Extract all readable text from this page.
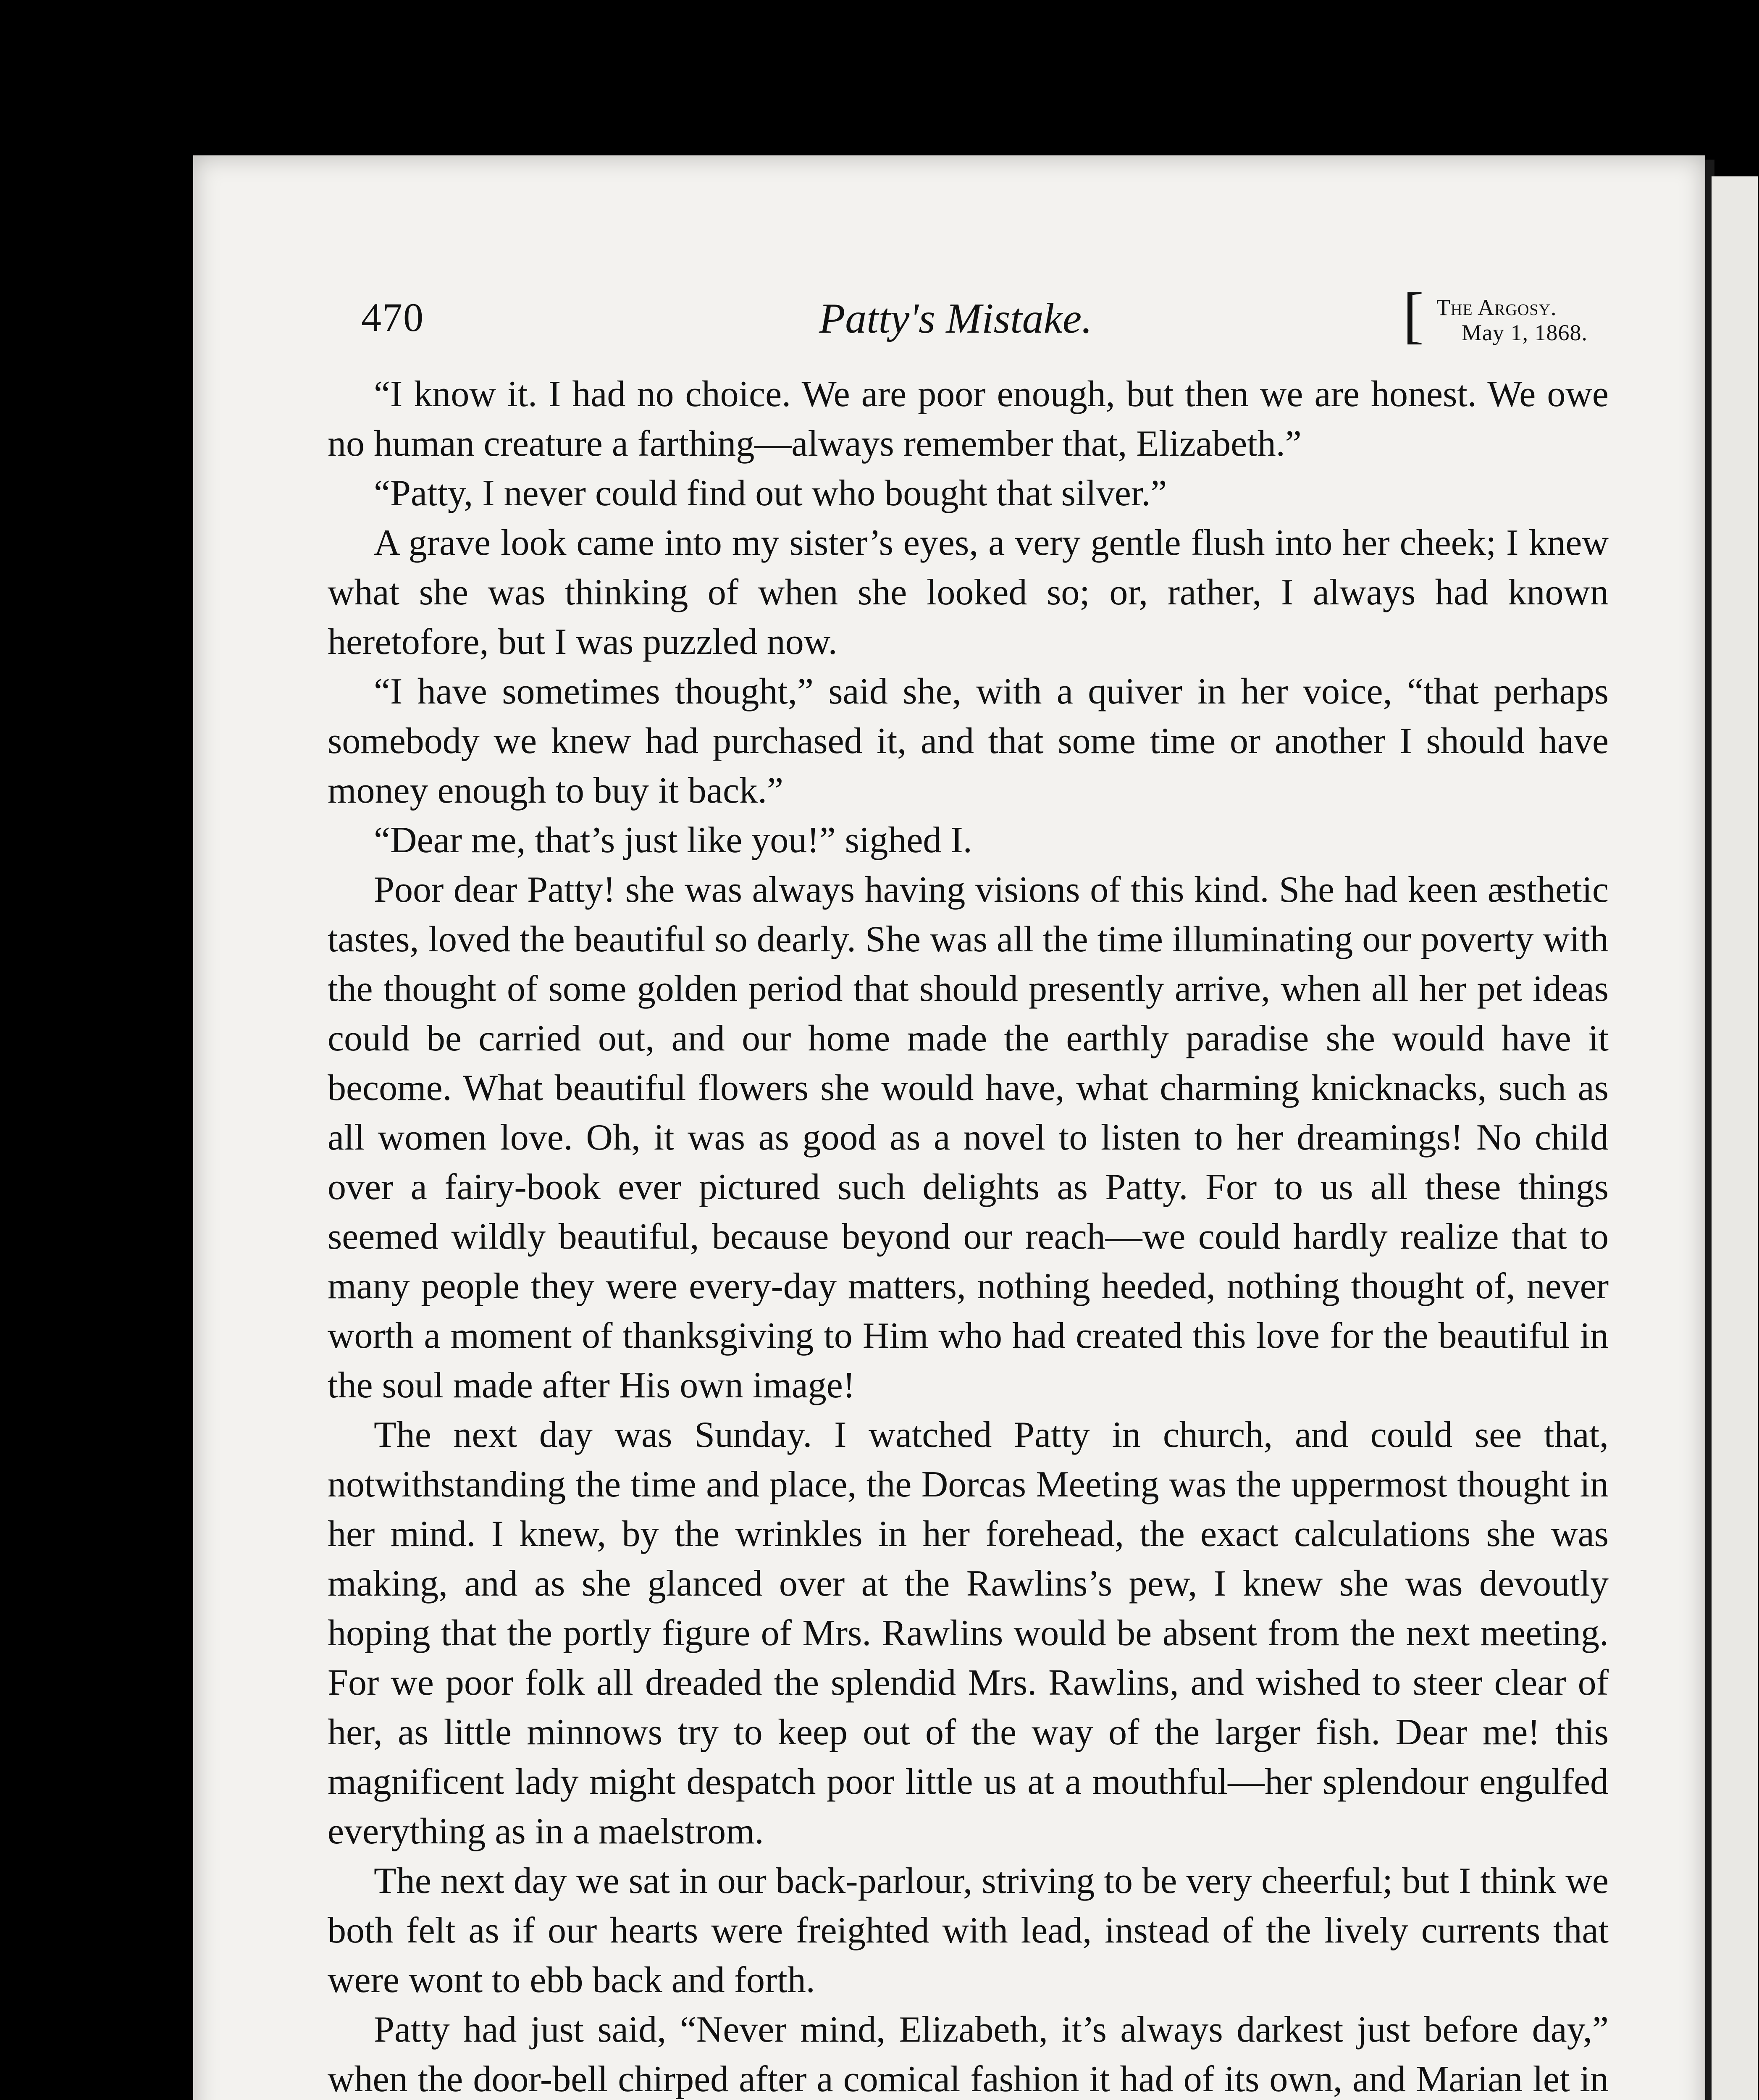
470	Patty's Mistake.	[ The Argosy.
May 1, 1868.

“I know it. I had no choice. We are poor enough, but then we are honest. We owe no human creature a farthing—always remember that, Elizabeth.”

“Patty, I never could find out who bought that silver.”

A grave look came into my sister’s eyes, a very gentle flush into her cheek; I knew what she was thinking of when she looked so; or, rather, I always had known heretofore, but I was puzzled now.

“I have sometimes thought,” said she, with a quiver in her voice, “that perhaps somebody we knew had purchased it, and that some time or another I should have money enough to buy it back.”

“Dear me, that’s just like you!” sighed I.

Poor dear Patty! she was always having visions of this kind. She had keen æsthetic tastes, loved the beautiful so dearly. She was all the time illuminating our poverty with the thought of some golden period that should presently arrive, when all her pet ideas could be carried out, and our home made the earthly paradise she would have it become. What beautiful flowers she would have, what charming knicknacks, such as all women love. Oh, it was as good as a novel to listen to her dreamings! No child over a fairy-book ever pictured such delights as Patty. For to us all these things seemed wildly beautiful, because beyond our reach—we could hardly realize that to many people they were every-day matters, nothing heeded, nothing thought of, never worth a moment of thanksgiving to Him who had created this love for the beautiful in the soul made after His own image!

The next day was Sunday. I watched Patty in church, and could see that, notwithstanding the time and place, the Dorcas Meeting was the uppermost thought in her mind. I knew, by the wrinkles in her forehead, the exact calculations she was making, and as she glanced over at the Rawlins’s pew, I knew she was devoutly hoping that the portly figure of Mrs. Rawlins would be absent from the next meeting. For we poor folk all dreaded the splendid Mrs. Rawlins, and wished to steer clear of her, as little minnows try to keep out of the way of the larger fish. Dear me! this magnificent lady might despatch poor little us at a mouthful—her splendour engulfed everything as in a maelstrom.

The next day we sat in our back-parlour, striving to be very cheerful; but I think we both felt as if our hearts were freighted with lead, instead of the lively currents that were wont to ebb back and forth.

Patty had just said, “Never mind, Elizabeth, it’s always darkest just before day,” when the door-bell chirped after a comical fashion it had of its own, and Marian let in
